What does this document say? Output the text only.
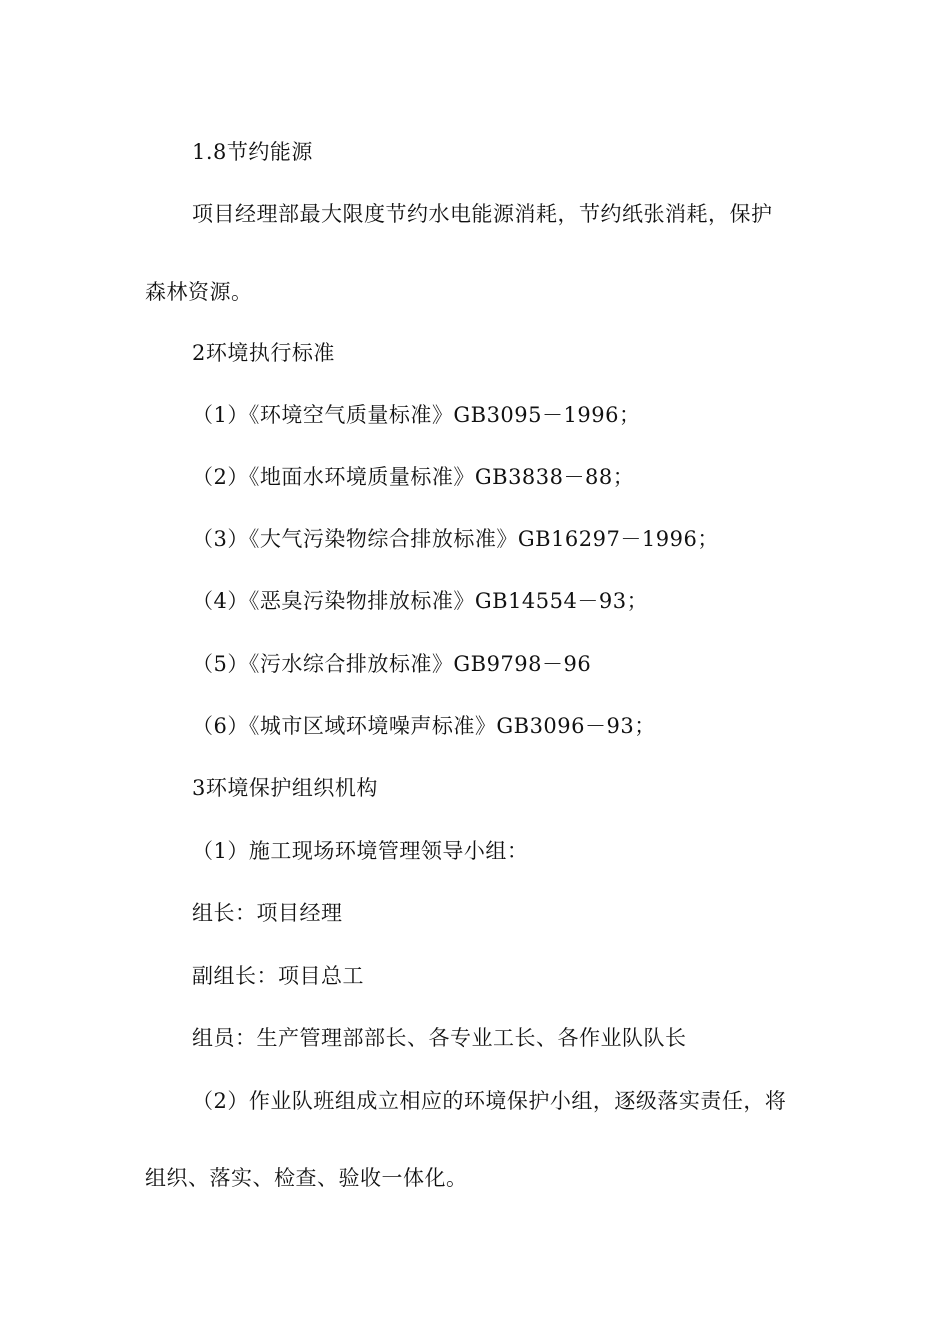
1.8节约能源
项目经理部最大限度节约水电能源消耗，节约纸张消耗，保护
森林资源。
2环境执行标准
（1）《环境空气质量标准》GB3095－1996；
（2）《地面水环境质量标准》GB3838－88；
（3）《大气污染物综合排放标准》GB16297－1996；
（4）《恶臭污染物排放标准》GB14554－93；
（5）《污水综合排放标准》GB9798－96
（6）《城市区域环境噪声标准》GB3096－93；
3环境保护组织机构
（1）施工现场环境管理领导小组：
组长：项目经理
副组长：项目总工
组员：生产管理部部长、各专业工长、各作业队队长
（2）作业队班组成立相应的环境保护小组，逐级落实责任，将
组织、落实、检查、验收一体化。
